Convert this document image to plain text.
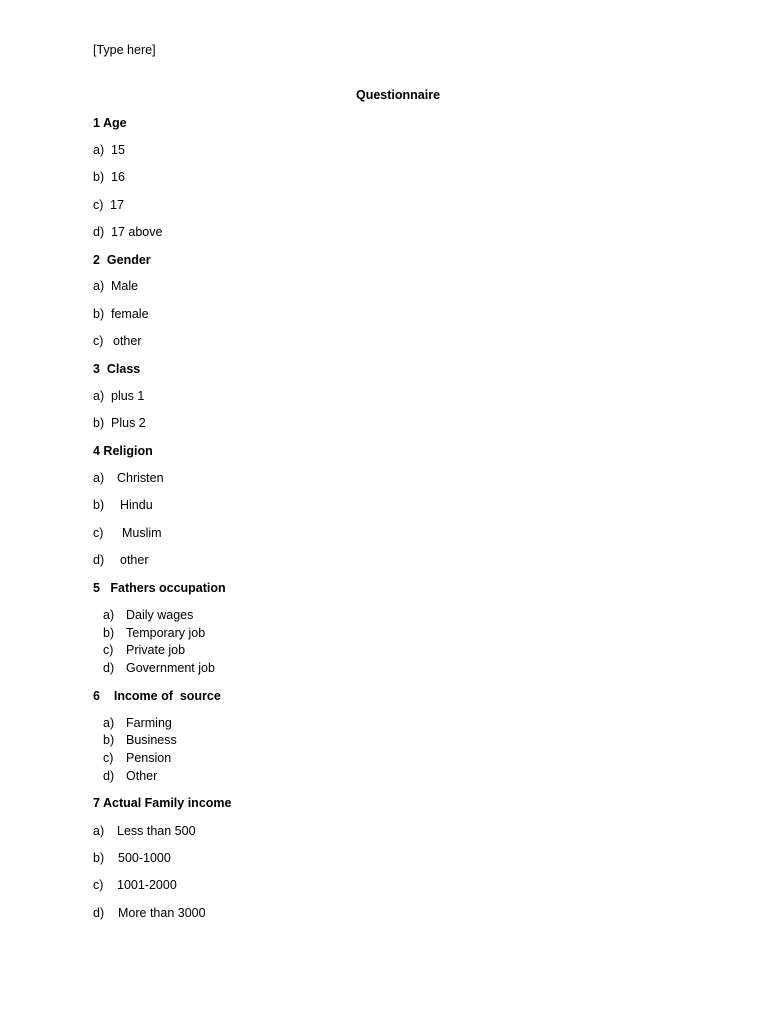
[Type here]
Questionnaire
1 Age
a) 15
b) 16
c) 17
d) 17 above
2  Gender
a) Male
b) female
c) other
3  Class
a) plus 1
b) Plus 2
4 Religion
a) Christen
b) Hindu
c) Muslim
d) other
5   Fathers occupation
a) Daily wages
b) Temporary job
c) Private job
d) Government job
6    Income of  source
a) Farming
b) Business
c) Pension
d) Other
7 Actual Family income
a) Less than 500
b) 500-1000
c) 1001-2000
d) More than 3000
